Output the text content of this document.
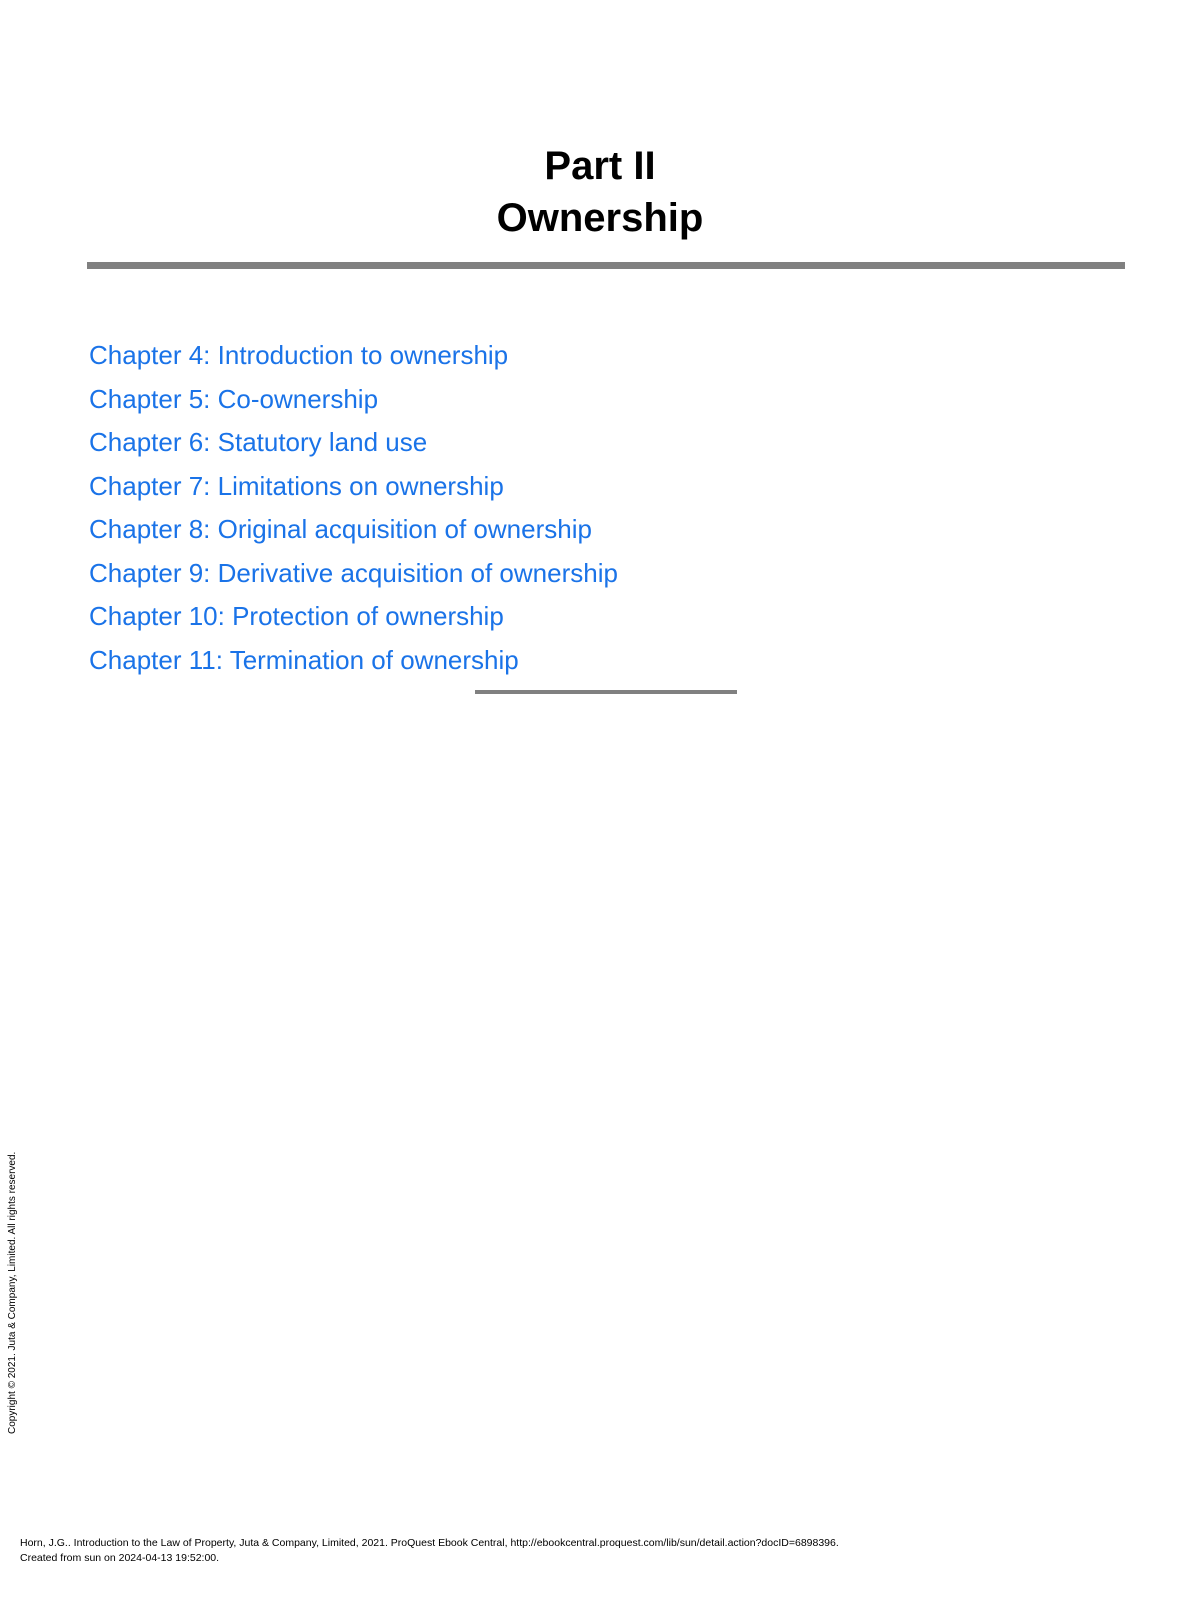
Part II
Ownership
Chapter 4: Introduction to ownership
Chapter 5: Co-ownership
Chapter 6: Statutory land use
Chapter 7: Limitations on ownership
Chapter 8: Original acquisition of ownership
Chapter 9: Derivative acquisition of ownership
Chapter 10: Protection of ownership
Chapter 11: Termination of ownership
Copyright © 2021. Juta & Company, Limited. All rights reserved.
Horn, J.G.. Introduction to the Law of Property, Juta & Company, Limited, 2021. ProQuest Ebook Central, http://ebookcentral.proquest.com/lib/sun/detail.action?docID=6898396.
Created from sun on 2024-04-13 19:52:00.
